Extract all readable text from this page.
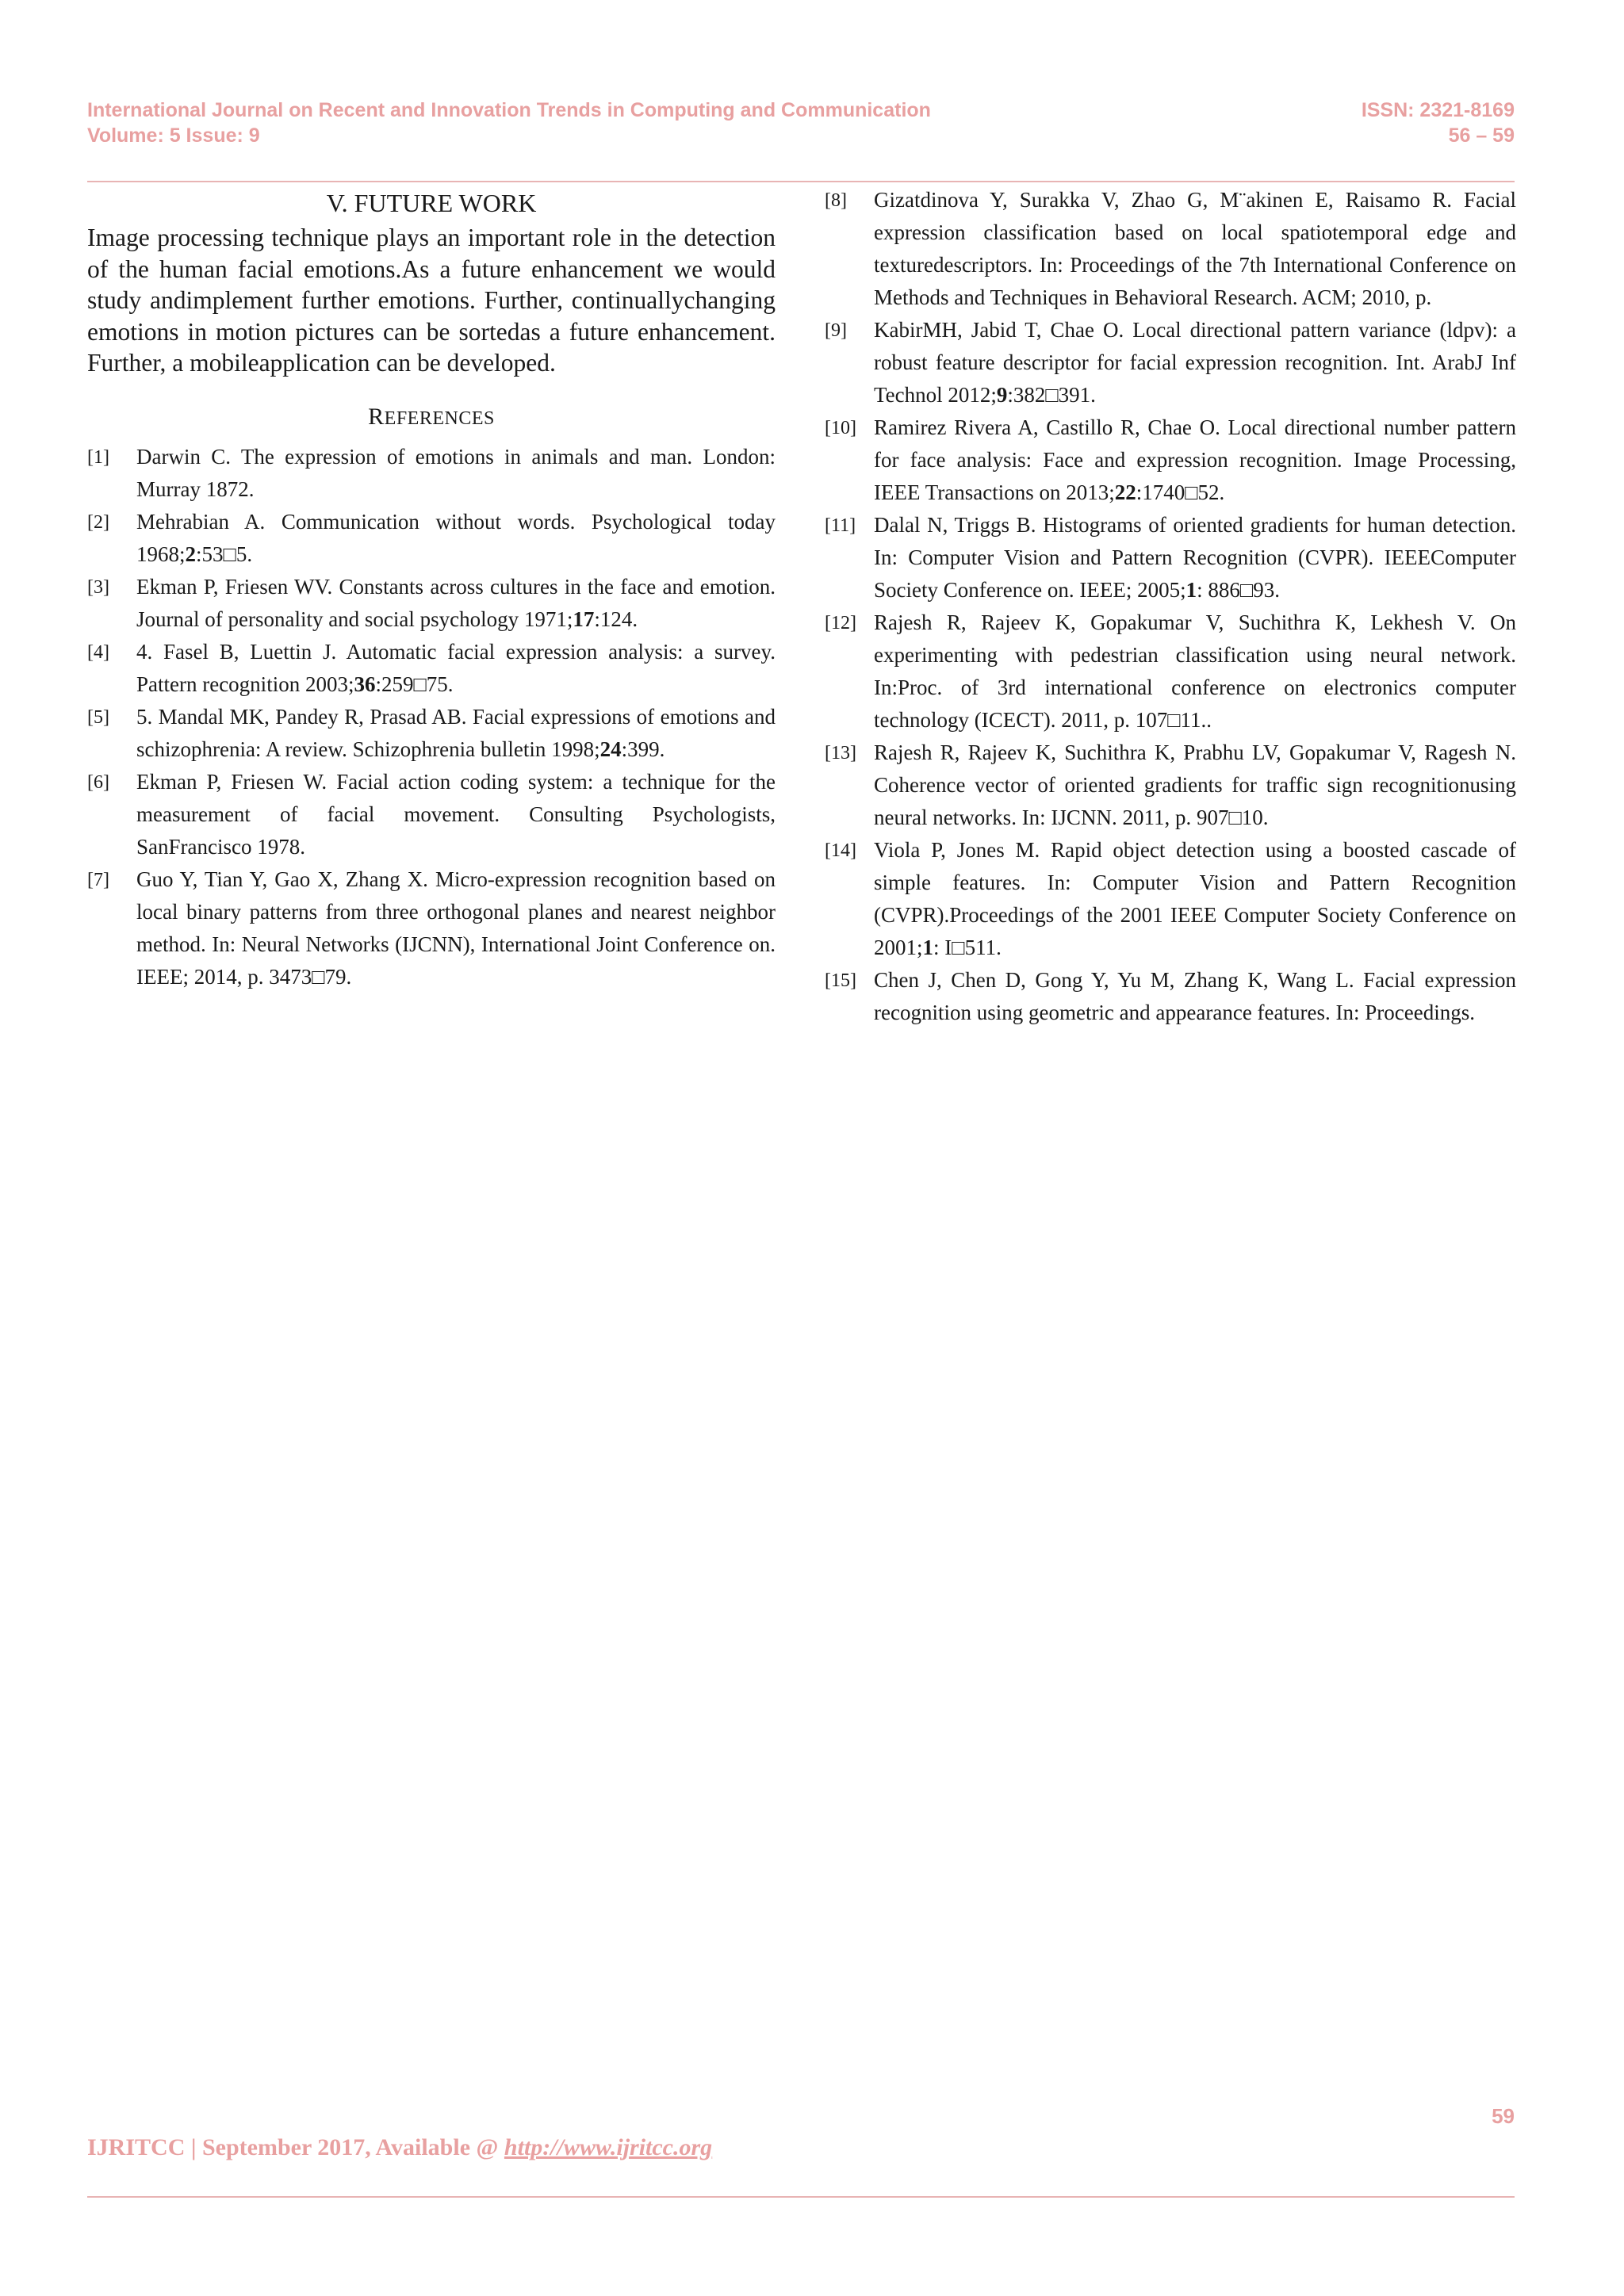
International Journal on Recent and Innovation Trends in Computing and Communication
Volume: 5 Issue: 9
ISSN: 2321-8169
56 – 59
V. FUTURE WORK

Image processing technique plays an important role in the detection of the human facial emotions.As a future enhancement we would study andimplement further emotions. Further, continuallychanging emotions in motion pictures can be sortedas a future enhancement. Further, a mobileapplication can be developed.

REFERENCES
[1] Darwin C. The expression of emotions in animals and man. London: Murray 1872.
[2] Mehrabian A. Communication without words. Psychological today 1968;2:53□5.
[3] Ekman P, Friesen WV. Constants across cultures in the face and emotion. Journal of personality and social psychology 1971;17:124.
[4] 4. Fasel B, Luettin J. Automatic facial expression analysis: a survey. Pattern recognition 2003;36:259□75.
[5] 5. Mandal MK, Pandey R, Prasad AB. Facial expressions of emotions and schizophrenia: A review. Schizophrenia bulletin 1998;24:399.
[6] Ekman P, Friesen W. Facial action coding system: a technique for the measurement of facial movement. Consulting Psychologists, SanFrancisco 1978.
[7] Guo Y, Tian Y, Gao X, Zhang X. Micro-expression recognition based on local binary patterns from three orthogonal planes and nearest neighbor method. In: Neural Networks (IJCNN), International Joint Conference on. IEEE; 2014, p. 3473□79.
[8] Gizatdinova Y, Surakka V, Zhao G, M¨akinen E, Raisamo R. Facial expression classification based on local spatiotemporal edge and texturedescriptors. In: Proceedings of the 7th International Conference on Methods and Techniques in Behavioral Research. ACM; 2010, p.
[9] KabirMH, Jabid T, Chae O. Local directional pattern variance (ldpv): a robust feature descriptor for facial expression recognition. Int. ArabJ Inf Technol 2012;9:382□391.
[10] Ramirez Rivera A, Castillo R, Chae O. Local directional number pattern for face analysis: Face and expression recognition. Image Processing, IEEE Transactions on 2013;22:1740□52.
[11] Dalal N, Triggs B. Histograms of oriented gradients for human detection. In: Computer Vision and Pattern Recognition (CVPR). IEEEComputer Society Conference on. IEEE; 2005;1: 886□93.
[12] Rajesh R, Rajeev K, Gopakumar V, Suchithra K, Lekhesh V. On experimenting with pedestrian classification using neural network. In:Proc. of 3rd international conference on electronics computer technology (ICECT). 2011, p. 107□11..
[13] Rajesh R, Rajeev K, Suchithra K, Prabhu LV, Gopakumar V, Ragesh N. Coherence vector of oriented gradients for traffic sign recognitionusing neural networks. In: IJCNN. 2011, p. 907□10.
[14] Viola P, Jones M. Rapid object detection using a boosted cascade of simple features. In: Computer Vision and Pattern Recognition (CVPR).Proceedings of the 2001 IEEE Computer Society Conference on 2001;1: I□511.
[15] Chen J, Chen D, Gong Y, Yu M, Zhang K, Wang L. Facial expression recognition using geometric and appearance features. In: Proceedings.
59
IJRITCC | September 2017, Available @ http://www.ijritcc.org
